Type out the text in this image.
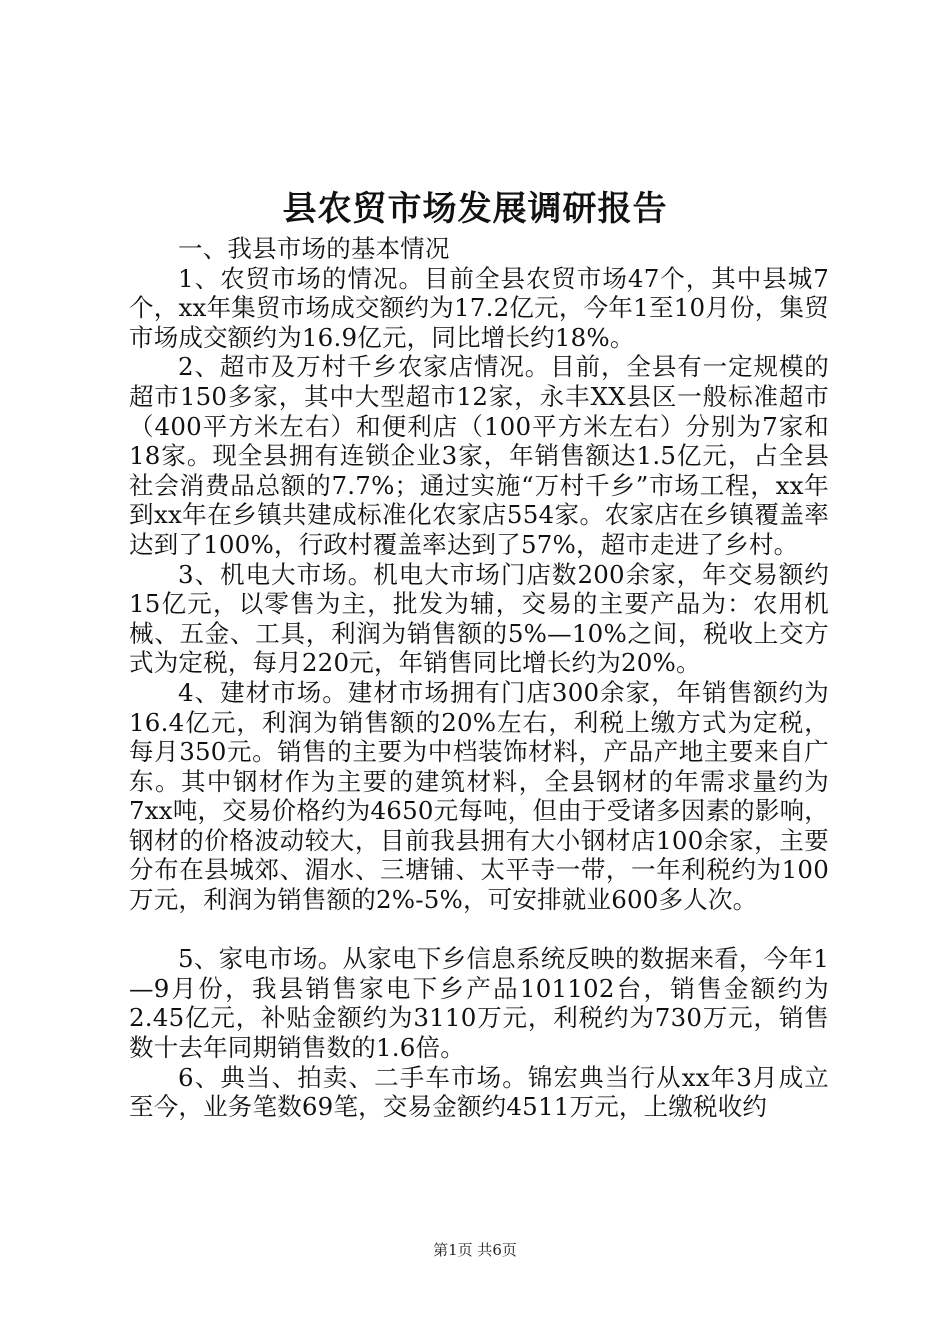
县农贸市场发展调研报告

一、我县市场的基本情况

1、农贸市场的情况。目前全县农贸市场47个，其中县城7个，xx年集贸市场成交额约为17.2亿元，今年1至10月份，集贸市场成交额约为16.9亿元，同比增长约18%。

2、超市及万村千乡农家店情况。目前，全县有一定规模的超市150多家，其中大型超市12家，永丰XX县区一般标准超市（400平方米左右）和便利店（100平方米左右）分别为7家和18家。现全县拥有连锁企业3家，年销售额达1.5亿元，占全县社会消费品总额的7.7%；通过实施“万村千乡”市场工程，xx年到xx年在乡镇共建成标准化农家店554家。农家店在乡镇覆盖率达到了100%，行政村覆盖率达到了57%，超市走进了乡村。

3、机电大市场。机电大市场门店数200余家，年交易额约15亿元，以零售为主，批发为辅，交易的主要产品为：农用机械、五金、工具，利润为销售额的5%—10%之间，税收上交方式为定税，每月220元，年销售同比增长约为20%。

4、建材市场。建材市场拥有门店300余家，年销售额约为16.4亿元，利润为销售额的20%左右，利税上缴方式为定税，每月350元。销售的主要为中档装饰材料，产品产地主要来自广东。其中钢材作为主要的建筑材料，全县钢材的年需求量约为7xx吨，交易价格约为4650元每吨，但由于受诸多因素的影响，钢材的价格波动较大，目前我县拥有大小钢材店100余家，主要分布在县城郊、湄水、三塘铺、太平寺一带，一年利税约为100万元，利润为销售额的2%-5%，可安排就业600多人次。

5、家电市场。从家电下乡信息系统反映的数据来看，今年1—9月份，我县销售家电下乡产品101102台，销售金额约为2.45亿元，补贴金额约为3110万元，利税约为730万元，销售数十去年同期销售数的1.6倍。

6、典当、拍卖、二手车市场。锦宏典当行从xx年3月成立至今，业务笔数69笔，交易金额约4511万元，上缴税收约

第1页 共6页
